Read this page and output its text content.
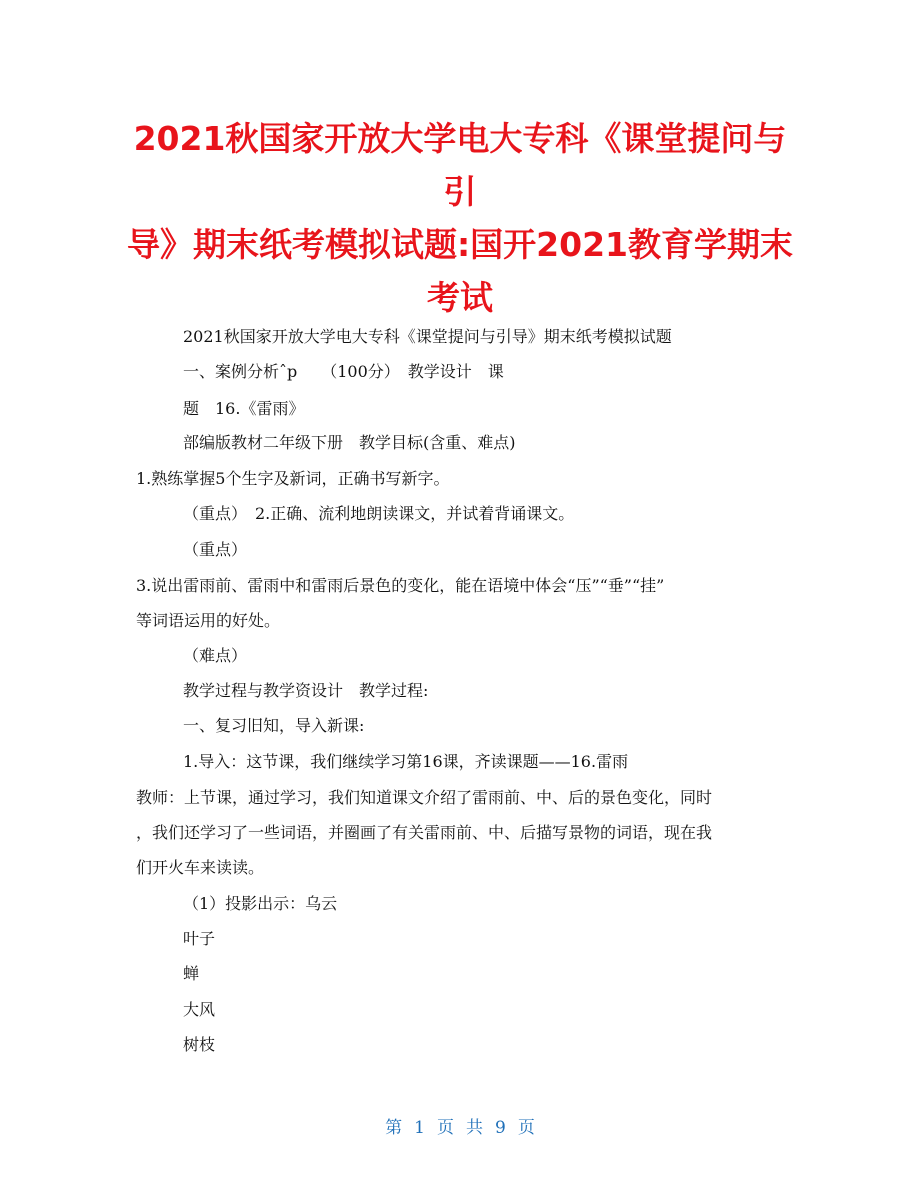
2021秋国家开放大学电大专科《课堂提问与引
导》期末纸考模拟试题:国开2021教育学期末
考试
2021秋国家开放大学电大专科《课堂提问与引导》期末纸考模拟试题
一、案例分析ˆp　　（100分）　教学设计　课
题　16.《雷雨》
部编版教材二年级下册　教学目标(含重、难点)
1.熟练掌握5个生字及新词，正确书写新字。
（重点）　2.正确、流利地朗读课文，并试着背诵课文。
（重点）
3.说出雷雨前、雷雨中和雷雨后景色的变化，能在语境中体会“压”“垂”“挂”
等词语运用的好处。
（难点）
教学过程与教学资设计　教学过程:
一、复习旧知，导入新课:
1.导入：这节课，我们继续学习第16课，齐读课题——16.雷雨
教师：上节课，通过学习，我们知道课文介绍了雷雨前、中、后的景色变化，同时
，我们还学习了一些词语，并圈画了有关雷雨前、中、后描写景物的词语，现在我
们开火车来读读。
（1）投影出示：乌云
叶子
蝉
大风
树枝
第 1 页 共 9 页
